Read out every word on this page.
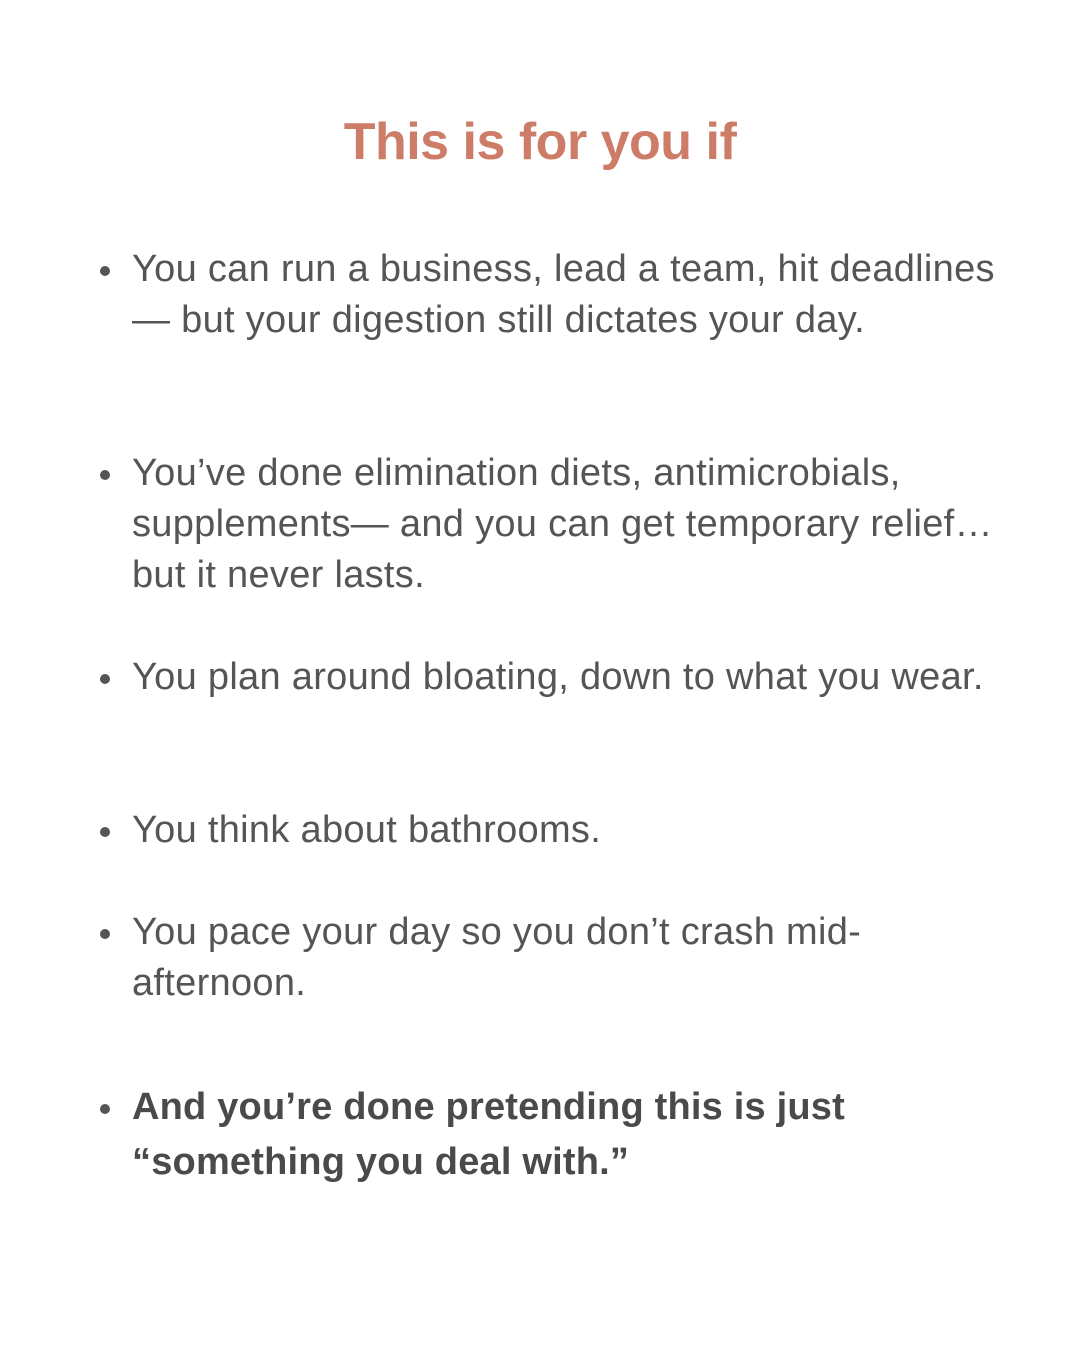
This is for you if
You can run a business, lead a team, hit deadlines— but your digestion still dictates your day.
You’ve done elimination diets, antimicrobials, supplements— and you can get temporary relief… but it never lasts.
You plan around bloating, down to what you wear.
You think about bathrooms.
You pace your day so you don’t crash mid-afternoon.
And you’re done pretending this is just “something you deal with.”
